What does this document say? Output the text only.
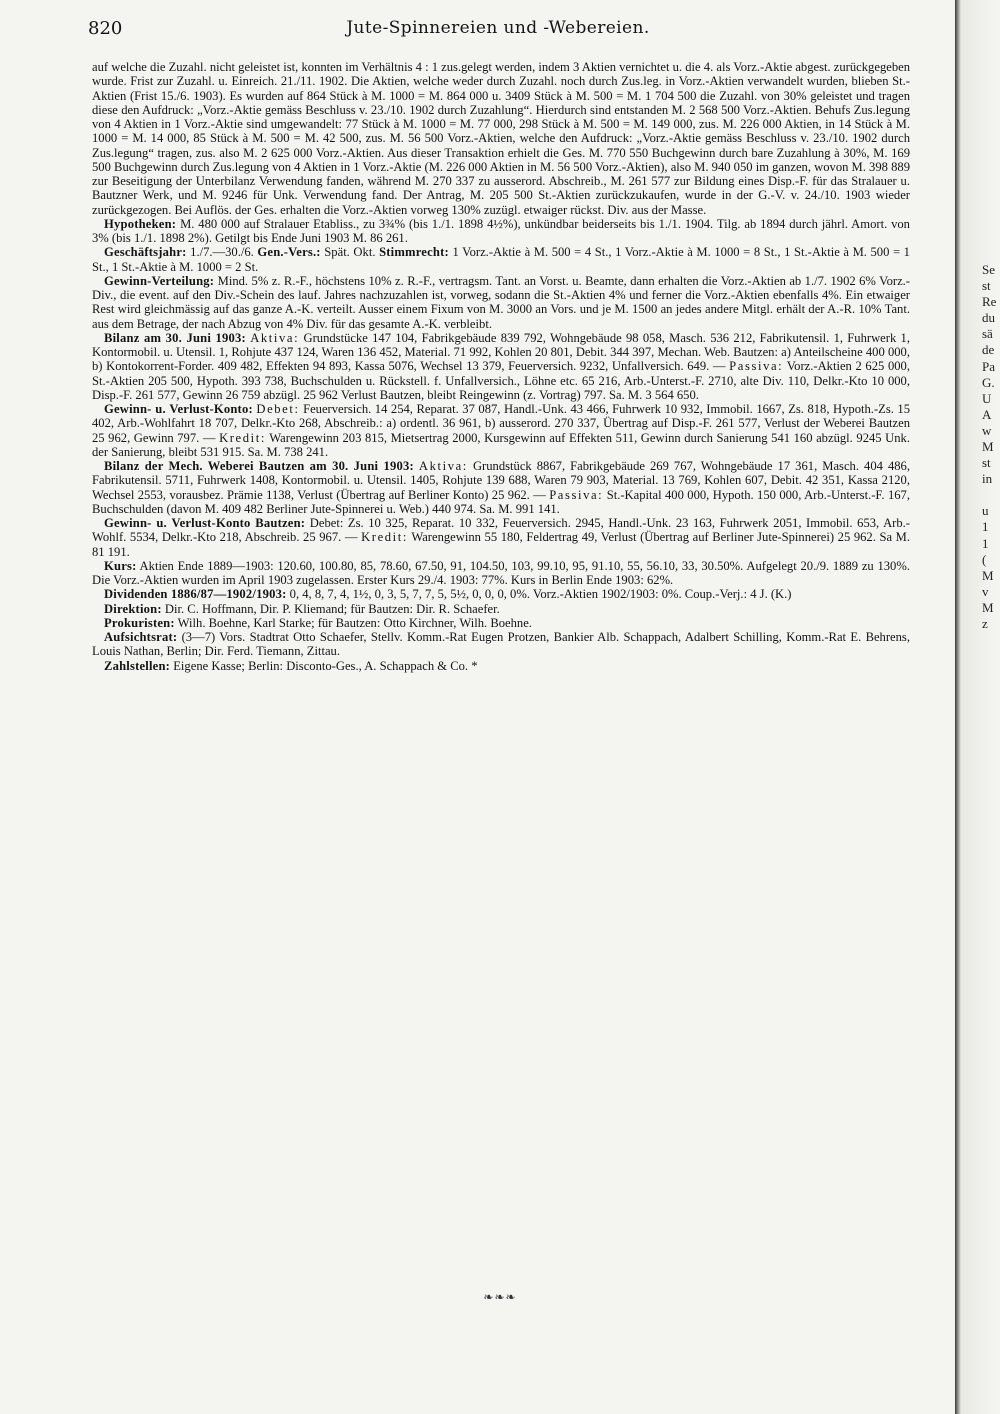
820	Jute-Spinnereien und -Webereien.

auf welche die Zuzahl. nicht geleistet ist, konnten im Verhältnis 4 : 1 zus.gelegt werden, indem 3 Aktien vernichtet u. die 4. als Vorz.-Aktie abgest. zurückgegeben wurde. Frist zur Zuzahl. u. Einreich. 21./11. 1902. Die Aktien, welche weder durch Zuzahl. noch durch Zus.leg. in Vorz.-Aktien verwandelt wurden, blieben St.-Aktien (Frist 15./6. 1903). Es wurden auf 864 Stück à M. 1000 = M. 864 000 u. 3409 Stück à M. 500 = M. 1 704 500 die Zuzahl. von 30% geleistet und tragen diese den Aufdruck: „Vorz.-Aktie gemäss Beschluss v. 23./10. 1902 durch Zuzahlung“. Hierdurch sind entstanden M. 2 568 500 Vorz.-Aktien. Behufs Zus.legung von 4 Aktien in 1 Vorz.-Aktie sind umgewandelt: 77 Stück à M. 1000 = M. 77 000, 298 Stück à M. 500 = M. 149 000, zus. M. 226 000 Aktien, in 14 Stück à M. 1000 = M. 14 000, 85 Stück à M. 500 = M. 42 500, zus. M. 56 500 Vorz.-Aktien, welche den Aufdruck: „Vorz.-Aktie gemäss Beschluss v. 23./10. 1902 durch Zus.legung“ tragen, zus. also M. 2 625 000 Vorz.-Aktien. Aus dieser Transaktion erhielt die Ges. M. 770 550 Buchgewinn durch bare Zuzahlung à 30%, M. 169 500 Buchgewinn durch Zus.legung von 4 Aktien in 1 Vorz.-Aktie (M. 226 000 Aktien in M. 56 500 Vorz.-Aktien), also M. 940 050 im ganzen, wovon M. 398 889 zur Beseitigung der Unterbilanz Verwendung fanden, während M. 270 337 zu ausserord. Abschreib., M. 261 577 zur Bildung eines Disp.-F. für das Stralauer u. Bautzner Werk, und M. 9246 für Unk. Verwendung fand. Der Antrag, M. 205 500 St.-Aktien zurückzukaufen, wurde in der G.-V. v. 24./10. 1903 wieder zurückgezogen. Bei Auflös. der Ges. erhalten die Vorz.-Aktien vorweg 130% zuzügl. etwaiger rückst. Div. aus der Masse.

Hypotheken: M. 480 000 auf Stralauer Etabliss., zu 3¾% (bis 1./1. 1898 4½%), unkündbar beiderseits bis 1./1. 1904. Tilg. ab 1894 durch jährl. Amort. von 3% (bis 1./1. 1898 2%). Getilgt bis Ende Juni 1903 M. 86 261.

Geschäftsjahr: 1./7.—30./6. Gen.-Vers.: Spät. Okt. Stimmrecht: 1 Vorz.-Aktie à M. 500 = 4 St., 1 Vorz.-Aktie à M. 1000 = 8 St., 1 St.-Aktie à M. 500 = 1 St., 1 St.-Aktie à M. 1000 = 2 St.

Gewinn-Verteilung: Mind. 5% z. R.-F., höchstens 10% z. R.-F., vertragsm. Tant. an Vorst. u. Beamte, dann erhalten die Vorz.-Aktien ab 1./7. 1902 6% Vorz.-Div., die event. auf den Div.-Schein des lauf. Jahres nachzuzahlen ist, vorweg, sodann die St.-Aktien 4% und ferner die Vorz.-Aktien ebenfalls 4%. Ein etwaiger Rest wird gleichmässig auf das ganze A.-K. verteilt. Ausser einem Fixum von M. 3000 an Vors. und je M. 1500 an jedes andere Mitgl. erhält der A.-R. 10% Tant. aus dem Betrage, der nach Abzug von 4% Div. für das gesamte A.-K. verbleibt.

Bilanz am 30. Juni 1903: Aktiva: Grundstücke 147 104, Fabrikgebäude 839 792, Wohngebäude 98 058, Masch. 536 212, Fabrikutensil. 1, Fuhrwerk 1, Kontormobil. u. Utensil. 1, Rohjute 437 124, Waren 136 452, Material. 71 992, Kohlen 20 801, Debit. 344 397, Mechan. Web. Bautzen: a) Anteilscheine 400 000, b) Kontokorrent-Forder. 409 482, Effekten 94 893, Kassa 5076, Wechsel 13 379, Feuerversich. 9232, Unfallversich. 649. — Passiva: Vorz.-Aktien 2 625 000, St.-Aktien 205 500, Hypoth. 393 738, Buchschulden u. Rückstell. f. Unfallversich., Löhne etc. 65 216, Arb.-Unterst.-F. 2710, alte Div. 110, Delkr.-Kto 10 000, Disp.-F. 261 577, Gewinn 26 759 abzügl. 25 962 Verlust Bautzen, bleibt Reingewinn (z. Vortrag) 797. Sa. M. 3 564 650.

Gewinn- u. Verlust-Konto: Debet: Feuerversich. 14 254, Reparat. 37 087, Handl.-Unk. 43 466, Fuhrwerk 10 932, Immobil. 1667, Zs. 818, Hypoth.-Zs. 15 402, Arb.-Wohlfahrt 18 707, Delkr.-Kto 268, Abschreib.: a) ordentl. 36 961, b) ausserord. 270 337, Übertrag auf Disp.-F. 261 577, Verlust der Weberei Bautzen 25 962, Gewinn 797. — Kredit: Warengewinn 203 815, Mietsertrag 2000, Kursgewinn auf Effekten 511, Gewinn durch Sanierung 541 160 abzügl. 9245 Unk. der Sanierung, bleibt 531 915. Sa. M. 738 241.

Bilanz der Mech. Weberei Bautzen am 30. Juni 1903: Aktiva: Grundstück 8867, Fabrikgebäude 269 767, Wohngebäude 17 361, Masch. 404 486, Fabrikutensil. 5711, Fuhrwerk 1408, Kontormobil. u. Utensil. 1405, Rohjute 139 688, Waren 79 903, Material. 13 769, Kohlen 607, Debit. 42 351, Kassa 2120, Wechsel 2553, vorausbez. Prämie 1138, Verlust (Übertrag auf Berliner Konto) 25 962. — Passiva: St.-Kapital 400 000, Hypoth. 150 000, Arb.-Unterst.-F. 167, Buchschulden (davon M. 409 482 Berliner Jute-Spinnerei u. Web.) 440 974. Sa. M. 991 141.

Gewinn- u. Verlust-Konto Bautzen: Debet: Zs. 10 325, Reparat. 10 332, Feuerversich. 2945, Handl.-Unk. 23 163, Fuhrwerk 2051, Immobil. 653, Arb.-Wohlf. 5534, Delkr.-Kto 218, Abschreib. 25 967. — Kredit: Warengewinn 55 180, Feldertrag 49, Verlust (Übertrag auf Berliner Jute-Spinnerei) 25 962. Sa M. 81 191.

Kurs: Aktien Ende 1889—1903: 120.60, 100.80, 85, 78.60, 67.50, 91, 104.50, 103, 99.10, 95, 91.10, 55, 56.10, 33, 30.50%. Aufgelegt 20./9. 1889 zu 130%. Die Vorz.-Aktien wurden im April 1903 zugelassen. Erster Kurs 29./4. 1903: 77%. Kurs in Berlin Ende 1903: 62%.

Dividenden 1886/87—1902/1903: 0, 4, 8, 7, 4, 1½, 0, 3, 5, 7, 7, 5, 5½, 0, 0, 0, 0%. Vorz.-Aktien 1902/1903: 0%. Coup.-Verj.: 4 J. (K.)

Direktion: Dir. C. Hoffmann, Dir. P. Kliemand; für Bautzen: Dir. R. Schaefer.

Prokuristen: Wilh. Boehne, Karl Starke; für Bautzen: Otto Kirchner, Wilh. Boehne.

Aufsichtsrat: (3—7) Vors. Stadtrat Otto Schaefer, Stellv. Komm.-Rat Eugen Protzen, Bankier Alb. Schappach, Adalbert Schilling, Komm.-Rat E. Behrens, Louis Nathan, Berlin; Dir. Ferd. Tiemann, Zittau.

Zahlstellen: Eigene Kasse; Berlin: Disconto-Ges., A. Schappach & Co. *

❧❧❧
Se
st
Re
du
sä
de
Pa
G.
U
A
w
M
st
in
u
1
1
(
M
v
M
z
